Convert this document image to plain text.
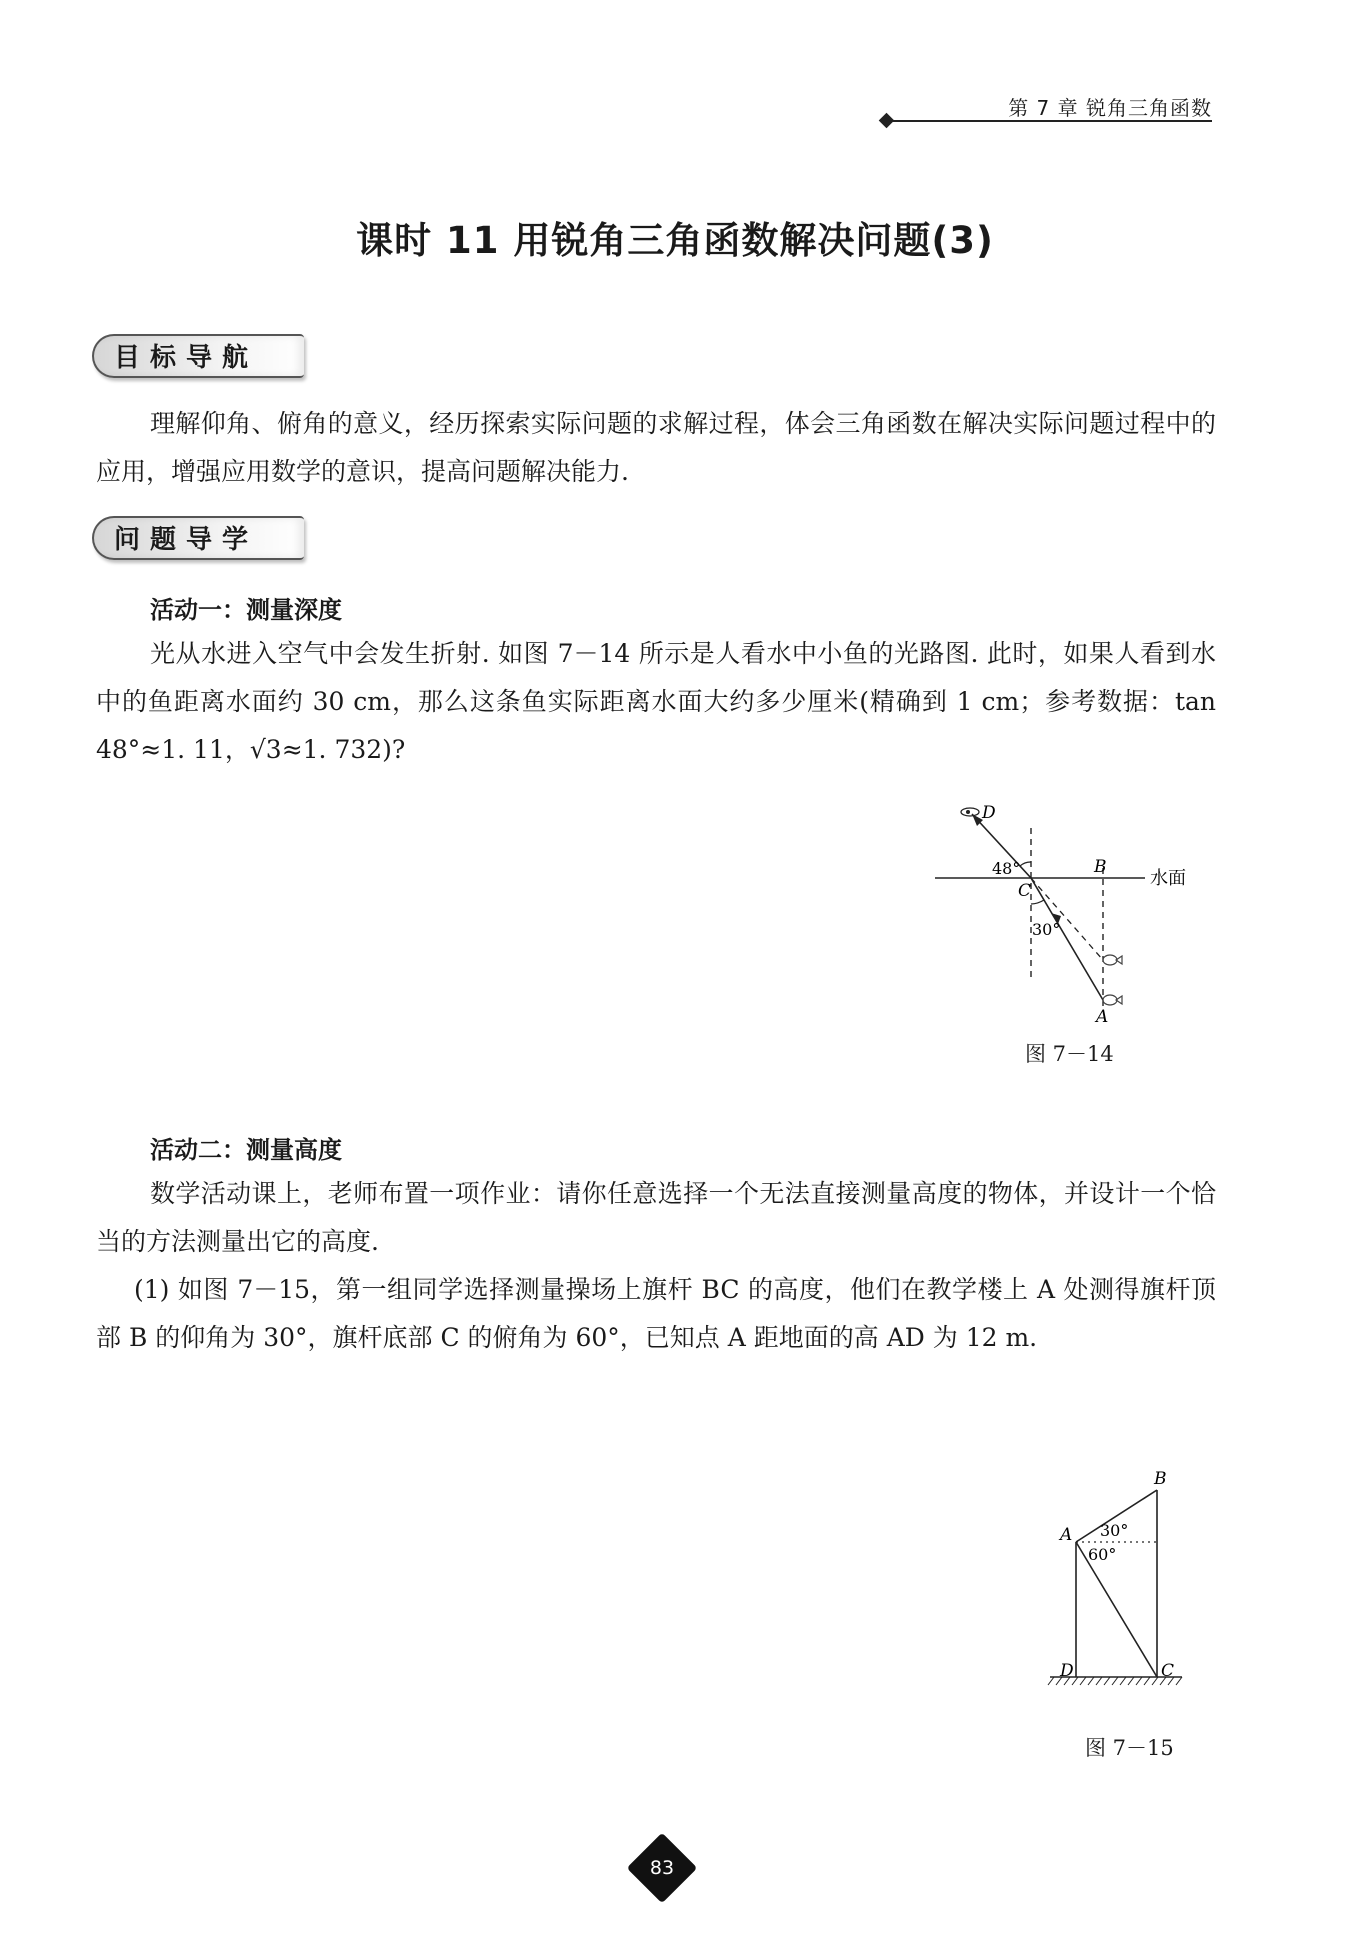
第 7 章 锐角三角函数
课时 11 用锐角三角函数解决问题(3)
目标导航
理解仰角、俯角的意义，经历探索实际问题的求解过程，体会三角函数在解决实际问题过程中的应用，增强应用数学的意识，提高问题解决能力.
问题导学
活动一：测量深度
光从水进入空气中会发生折射. 如图 7－14 所示是人看水中小鱼的光路图. 此时，如果人看到水中的鱼距离水面约 30 cm，那么这条鱼实际距离水面大约多少厘米(精确到 1 cm；参考数据：tan 48°≈1. 11，√3≈1. 732)?
D
B
C
A
48°
30°
水面
图 7－14
活动二：测量高度
数学活动课上，老师布置一项作业：请你任意选择一个无法直接测量高度的物体，并设计一个恰当的方法测量出它的高度.
(1) 如图 7－15，第一组同学选择测量操场上旗杆 BC 的高度，他们在教学楼上 A 处测得旗杆顶部 B 的仰角为 30°，旗杆底部 C 的俯角为 60°，已知点 A 距地面的高 AD 为 12 m.
B
A
D	C
30°
60°
图 7－15
83
